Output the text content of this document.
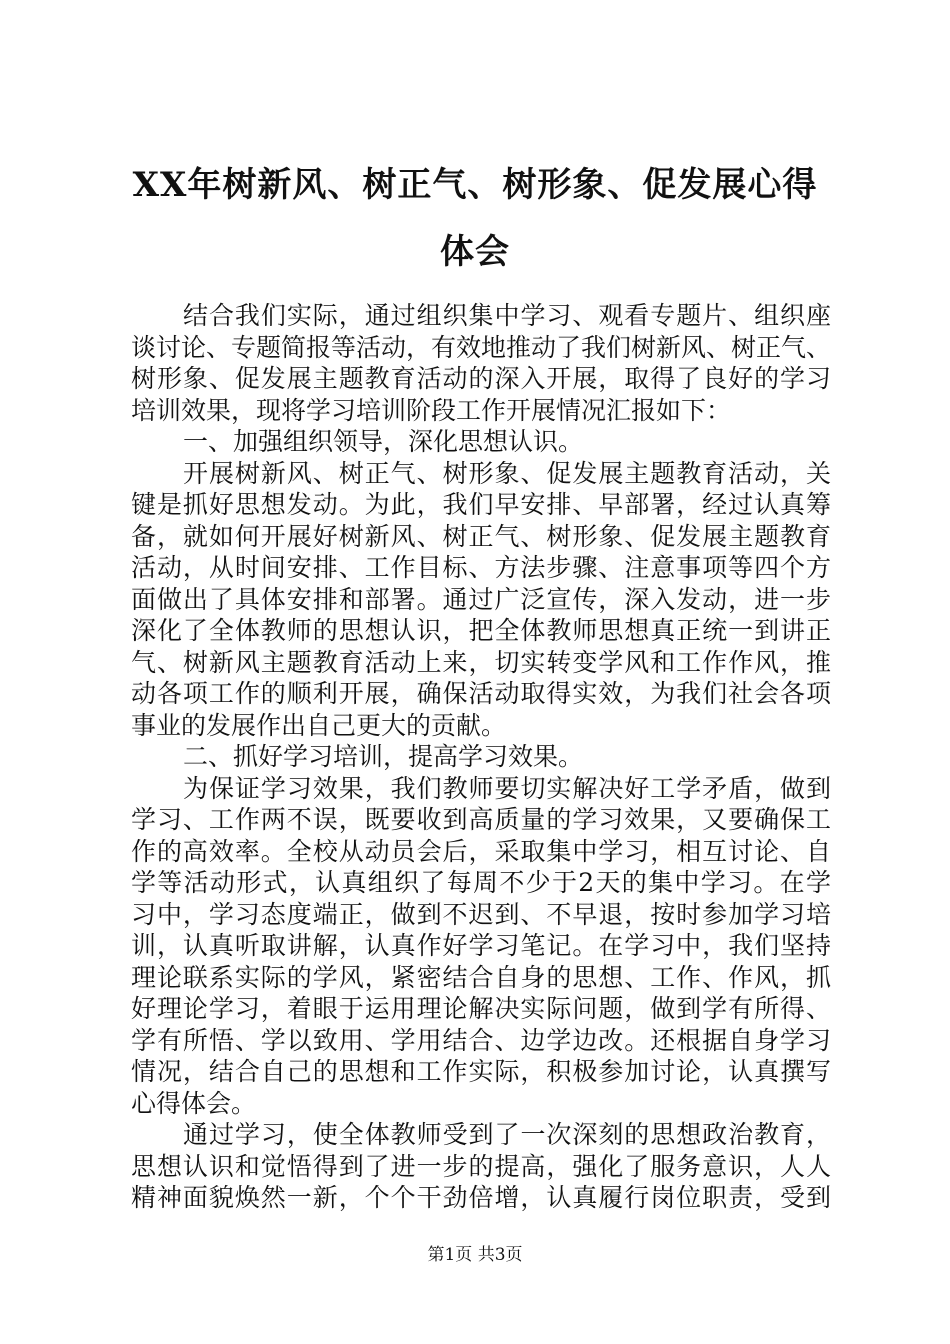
XX年树新风、树正气、树形象、促发展心得
体会

结合我们实际，通过组织集中学习、观看专题片、组织座

谈讨论、专题简报等活动，有效地推动了我们树新风、树正气、

树形象、促发展主题教育活动的深入开展，取得了良好的学习

培训效果，现将学习培训阶段工作开展情况汇报如下：

一、加强组织领导，深化思想认识。

开展树新风、树正气、树形象、促发展主题教育活动，关

键是抓好思想发动。为此，我们早安排、早部署，经过认真筹

备，就如何开展好树新风、树正气、树形象、促发展主题教育

活动，从时间安排、工作目标、方法步骤、注意事项等四个方

面做出了具体安排和部署。通过广泛宣传，深入发动，进一步

深化了全体教师的思想认识，把全体教师思想真正统一到讲正

气、树新风主题教育活动上来，切实转变学风和工作作风，推

动各项工作的顺利开展，确保活动取得实效，为我们社会各项

事业的发展作出自己更大的贡献。

二、抓好学习培训，提高学习效果。

为保证学习效果，我们教师要切实解决好工学矛盾，做到

学习、工作两不误，既要收到高质量的学习效果，又要确保工

作的高效率。全校从动员会后，采取集中学习，相互讨论、自

学等活动形式，认真组织了每周不少于2天的集中学习。在学

习中，学习态度端正，做到不迟到、不早退，按时参加学习培

训，认真听取讲解，认真作好学习笔记。在学习中，我们坚持

理论联系实际的学风，紧密结合自身的思想、工作、作风，抓

好理论学习，着眼于运用理论解决实际问题，做到学有所得、

学有所悟、学以致用、学用结合、边学边改。还根据自身学习

情况，结合自己的思想和工作实际，积极参加讨论，认真撰写

心得体会。

通过学习，使全体教师受到了一次深刻的思想政治教育，

思想认识和觉悟得到了进一步的提高，强化了服务意识，人人

精神面貌焕然一新，个个干劲倍增，认真履行岗位职责，受到

第1页 共3页
